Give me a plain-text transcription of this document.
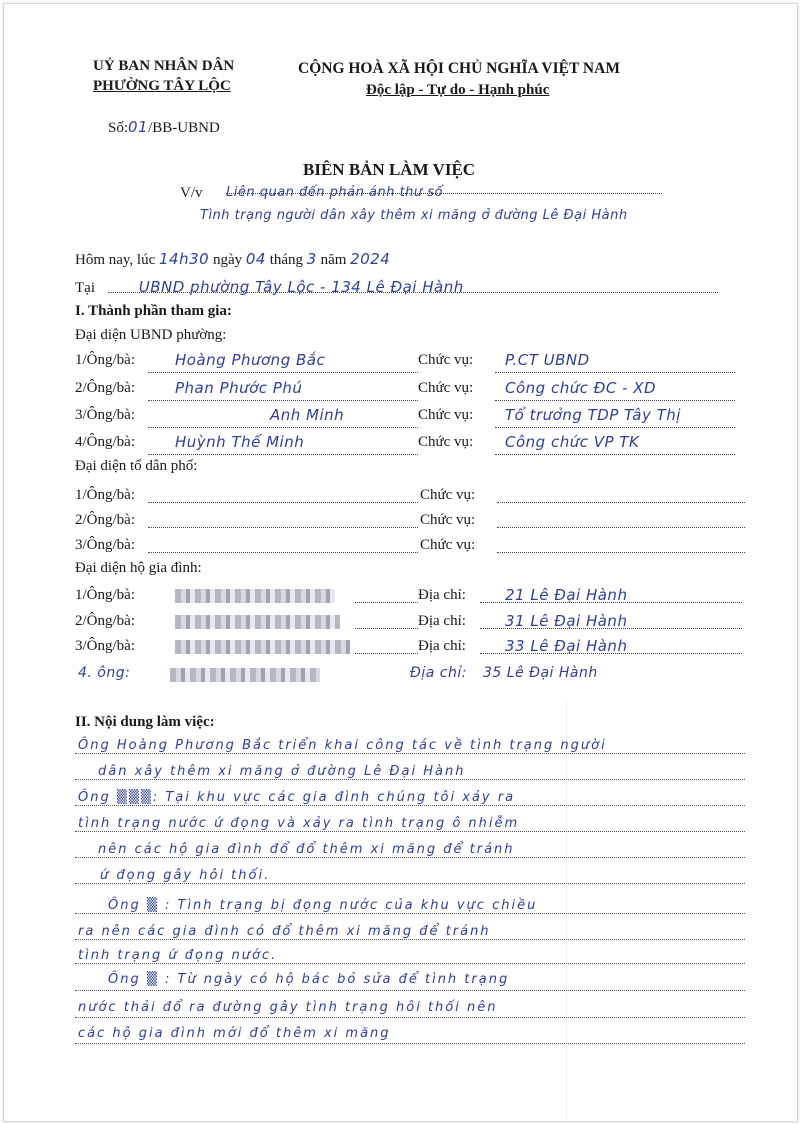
UỶ BAN NHÂN DÂN
PHƯỜNG TÂY LỘC
Số:01/BB-UBND
CỘNG HOÀ XÃ HỘI CHỦ NGHĨA VIỆT NAM
Độc lập - Tự do - Hạnh phúc
BIÊN BẢN LÀM VIỆC
V/v Liên quan đến phản ánh thư số
Tình trạng người dân xây thêm xi măng ở đường Lê Đại Hành
Hôm nay, lúc 14h30 ngày 04 tháng 3 năm 2024
Tại	UBND phường Tây Lộc - 134 Lê Đại Hành
I. Thành phần tham gia:
Đại diện UBND phường:
1/Ông/bà:	Hoàng Phương Bắc	Chức vụ: P.CT UBND
2/Ông/bà:	Phan Phước Phú	Chức vụ: Công chức ĐC - XD
3/Ông/bà:	Anh Minh	Chức vụ: Tổ trưởng TDP Tây Thị
4/Ông/bà:	Huỳnh Thế Minh	Chức vụ: Công chức VP TK
Đại diện tổ dân phố:
1/Ông/bà:	Chức vụ:
2/Ông/bà:	Chức vụ:
3/Ông/bà:	Chức vụ:
Đại diện hộ gia đình:
1/Ông/bà:	Địa chỉ:	21 Lê Đại Hành
2/Ông/bà:	Địa chỉ:	31 Lê Đại Hành
3/Ông/bà:	Địa chỉ:	33 Lê Đại Hành
4. ông:	Địa chỉ: 35 Lê Đại Hành
II. Nội dung làm việc:
Ông Hoàng Phương Bắc triển khai công tác về tình trạng người
dân xây thêm xi măng ở đường Lê Đại Hành
Ông ▒▒▒: Tại khu vực các gia đình chúng tôi xảy ra
tình trạng nước ứ đọng và xảy ra tình trạng ô nhiễm
nên các hộ gia đình đổ đổ thêm xi măng để tránh
ứ đọng gây hôi thối.
Ông ▒ : Tình trạng bị đọng nước của khu vực chiều
ra nên các gia đình có đổ thêm xi măng để tránh
tình trạng ứ đọng nước.
Ông ▒ : Từ ngày có hộ bác bỏ sửa để tình trạng
nước thải đổ ra đường gây tình trạng hôi thối nên
các hộ gia đình mới đổ thêm xi măng
